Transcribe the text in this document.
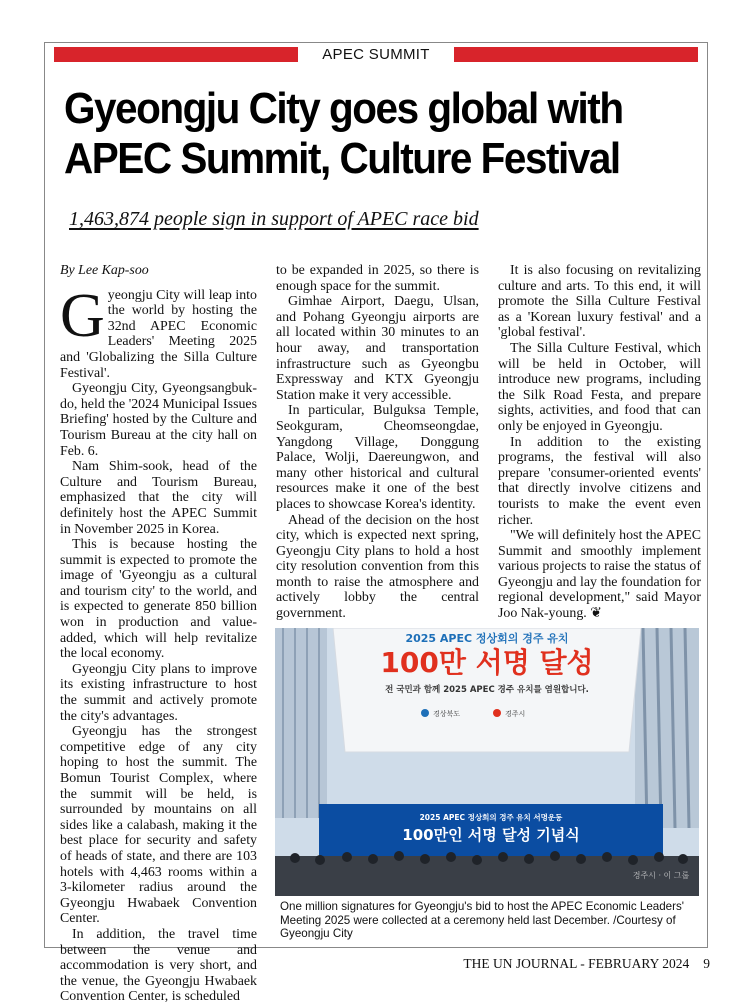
APEC SUMMIT
Gyeongju City goes global with APEC Summit, Culture Festival

1,463,874 people sign in support of APEC race bid

By Lee Kap-soo

Gyeongju City will leap into the world by hosting the 32nd APEC Economic Leaders' Meeting 2025 and 'Globalizing the Silla Culture Festival'.

Gyeongju City, Gyeongsangbuk-do, held the '2024 Municipal Issues Briefing' hosted by the Culture and Tourism Bureau at the city hall on Feb. 6.

Nam Shim-sook, head of the Culture and Tourism Bureau, emphasized that the city will definitely host the APEC Summit in November 2025 in Korea.

This is because hosting the summit is expected to promote the image of 'Gyeongju as a cultural and tourism city' to the world, and is expected to generate 850 billion won in production and value-added, which will help revitalize the local economy.

Gyeongju City plans to improve its existing infrastructure to host the summit and actively promote the city's advantages.

Gyeongju has the strongest competitive edge of any city hoping to host the summit. The Bomun Tourist Complex, where the summit will be held, is surrounded by mountains on all sides like a calabash, making it the best place for security and safety of heads of state, and there are 103 hotels with 4,463 rooms within a 3-kilometer radius around the Gyeongju Hwabaek Convention Center.

In addition, the travel time between the venue and accommodation is very short, and the venue, the Gyeongju Hwabaek Convention Center, is scheduled

to be expanded in 2025, so there is enough space for the summit.

Gimhae Airport, Daegu, Ulsan, and Pohang Gyeongju airports are all located within 30 minutes to an hour away, and transportation infrastructure such as Gyeongbu Expressway and KTX Gyeongju Station make it very accessible.

In particular, Bulguksa Temple, Seokguram, Cheomseongdae, Yangdong Village, Donggung Palace, Wolji, Daereungwon, and many other historical and cultural resources make it one of the best places to showcase Korea's identity.

Ahead of the decision on the host city, which is expected next spring, Gyeongju City plans to hold a host city resolution convention from this month to raise the atmosphere and actively lobby the central government.

It is also focusing on revitalizing culture and arts. To this end, it will promote the Silla Culture Festival as a 'Korean luxury festival' and a 'global festival'.

The Silla Culture Festival, which will be held in October, will introduce new programs, including the Silk Road Festa, and prepare sights, activities, and food that can only be enjoyed in Gyeongju.

In addition to the existing programs, the festival will also prepare 'consumer-oriented events' that directly involve citizens and tourists to make the event even richer.

"We will definitely host the APEC Summit and smoothly implement various projects to raise the status of Gyeongju and lay the foundation for regional development," said Mayor Joo Nak-young. ❦

2025 APEC 정상회의 경주 유치
100만 서명 달성
전 국민과 함께 2025 APEC 경주 유치를 염원합니다.
경상북도	경주시
2025 APEC 정상회의 경주 유치 서명운동
100만인 서명 달성 기념식
경주시 · 이 그룹

One million signatures for Gyeongju's bid to host the APEC Economic Leaders' Meeting 2025 were collected at a ceremony held last December. /Courtesy of Gyeongju City

THE UN JOURNAL - FEBRUARY 2024 9
